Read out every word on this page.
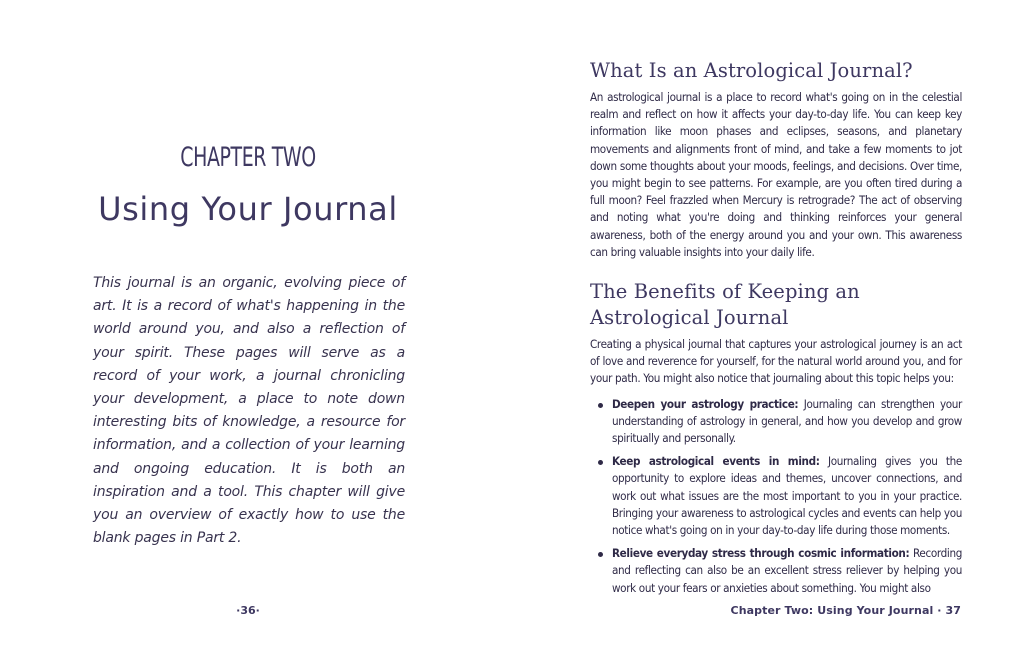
CHAPTER TWO
Using Your Journal

This journal is an organic, evolving piece of art. It is a record of what's happening in the world around you, and also a reflection of your spirit. These pages will serve as a record of your work, a journal chronicling your development, a place to note down interesting bits of knowledge, a resource for information, and a collection of your learning and ongoing education. It is both an inspiration and a tool. This chapter will give you an overview of exactly how to use the blank pages in Part 2.

·36·
What Is an Astrological Journal?

An astrological journal is a place to record what's going on in the celestial realm and reflect on how it affects your day-to-day life. You can keep key information like moon phases and eclipses, seasons, and planetary movements and alignments front of mind, and take a few moments to jot down some thoughts about your moods, feelings, and decisions. Over time, you might begin to see patterns. For example, are you often tired during a full moon? Feel frazzled when Mercury is retrograde? The act of observing and noting what you're doing and thinking reinforces your general awareness, both of the energy around you and your own. This awareness can bring valuable insights into your daily life.

The Benefits of Keeping an Astrological Journal

Creating a physical journal that captures your astrological journey is an act of love and reverence for yourself, for the natural world around you, and for your path. You might also notice that journaling about this topic helps you:

Deepen your astrology practice: Journaling can strengthen your understanding of astrology in general, and how you develop and grow spiritually and personally.
Keep astrological events in mind: Journaling gives you the opportunity to explore ideas and themes, uncover connections, and work out what issues are the most important to you in your practice. Bringing your awareness to astrological cycles and events can help you notice what's going on in your day-to-day life during those moments.
Relieve everyday stress through cosmic information: Recording and reflecting can also be an excellent stress reliever by helping you work out your fears or anxieties about something. You might also
Chapter Two: Using Your Journal · 37
